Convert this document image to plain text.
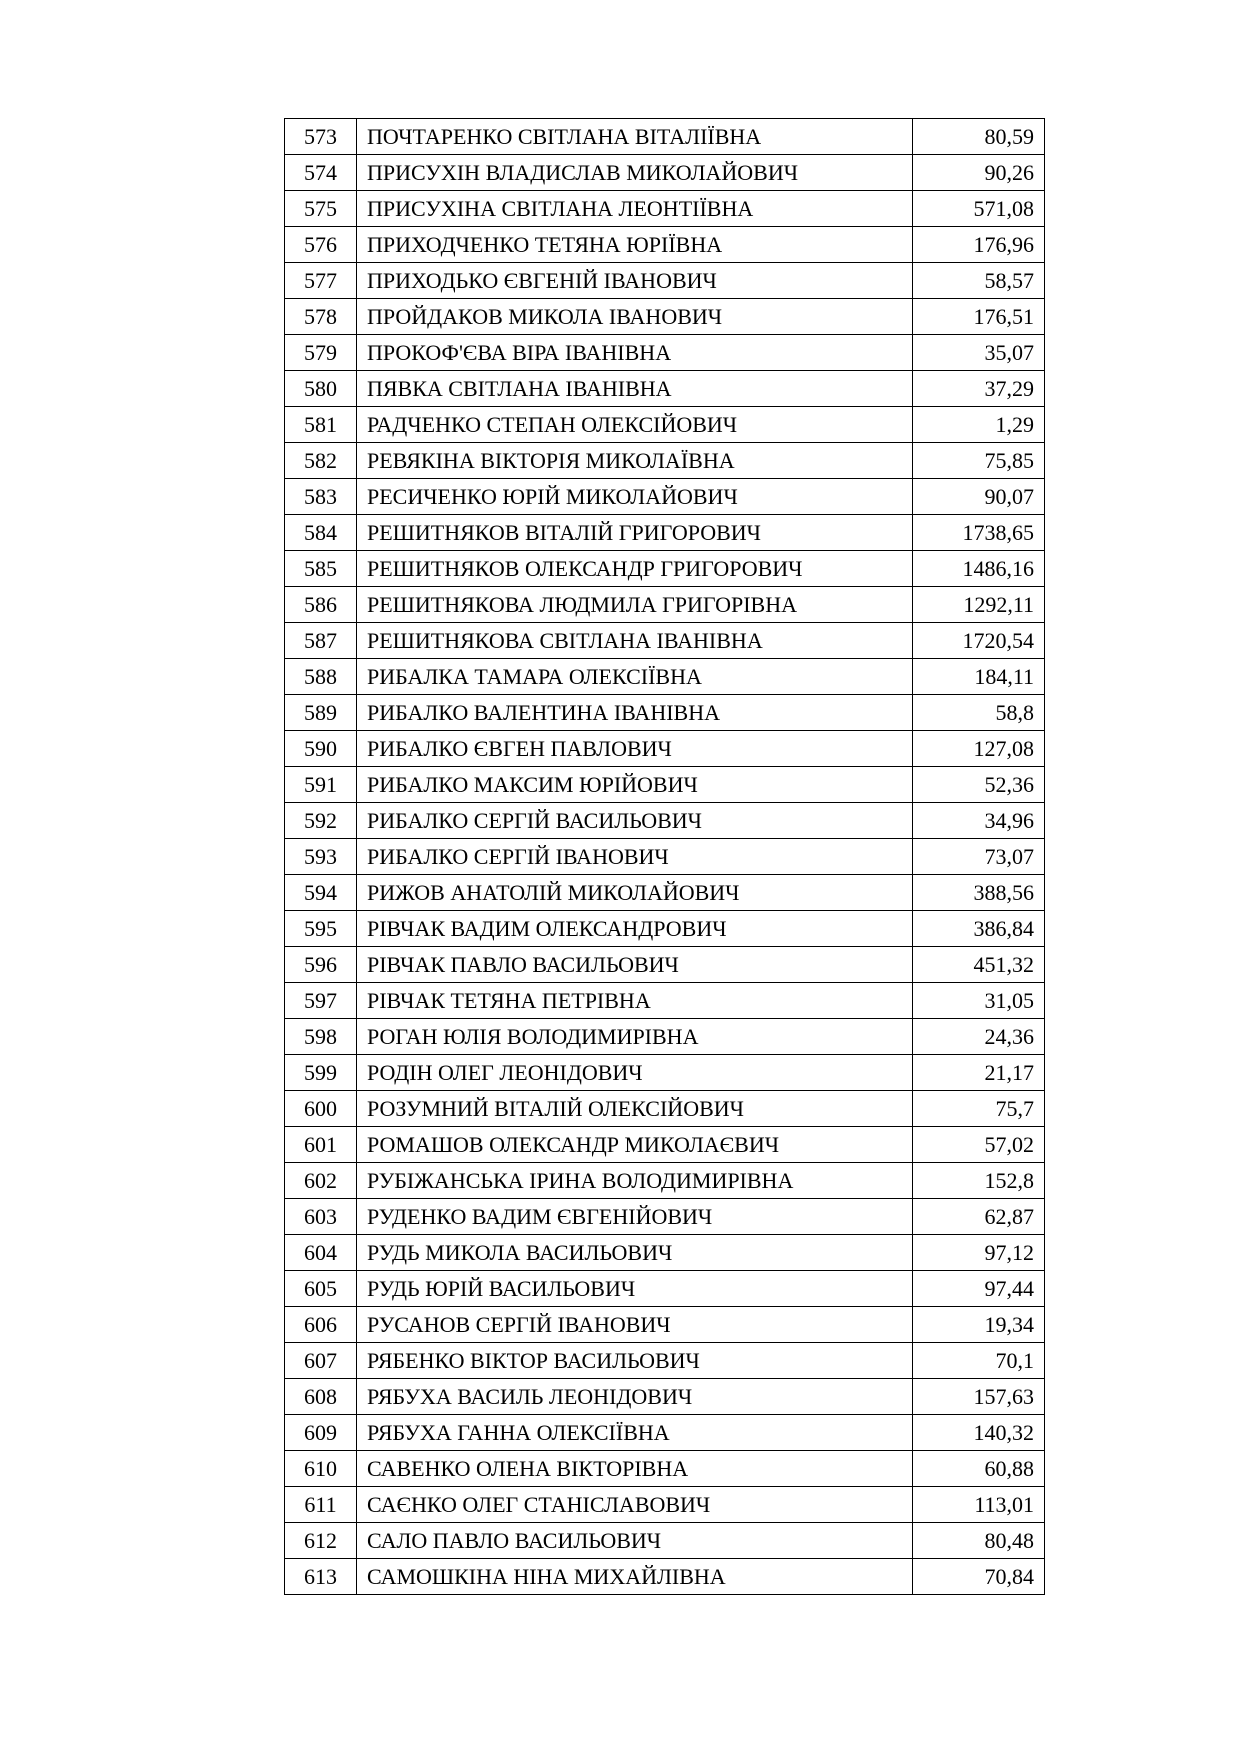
573	ПОЧТАРЕНКО СВІТЛАНА ВІТАЛІЇВНА	80,59
574	ПРИСУХІН ВЛАДИСЛАВ МИКОЛАЙОВИЧ	90,26
575	ПРИСУХІНА СВІТЛАНА ЛЕОНТІЇВНА	571,08
576	ПРИХОДЧЕНКО ТЕТЯНА ЮРІЇВНА	176,96
577	ПРИХОДЬКО ЄВГЕНІЙ ІВАНОВИЧ	58,57
578	ПРОЙДАКОВ МИКОЛА ІВАНОВИЧ	176,51
579	ПРОКОФ'ЄВА ВІРА ІВАНІВНА	35,07
580	ПЯВКА СВІТЛАНА ІВАНІВНА	37,29
581	РАДЧЕНКО СТЕПАН ОЛЕКСІЙОВИЧ	1,29
582	РЕВЯКІНА ВІКТОРІЯ МИКОЛАЇВНА	75,85
583	РЕСИЧЕНКО ЮРІЙ МИКОЛАЙОВИЧ	90,07
584	РЕШИТНЯКОВ ВІТАЛІЙ ГРИГОРОВИЧ	1738,65
585	РЕШИТНЯКОВ ОЛЕКСАНДР ГРИГОРОВИЧ	1486,16
586	РЕШИТНЯКОВА ЛЮДМИЛА ГРИГОРІВНА	1292,11
587	РЕШИТНЯКОВА СВІТЛАНА ІВАНІВНА	1720,54
588	РИБАЛКА ТАМАРА ОЛЕКСІЇВНА	184,11
589	РИБАЛКО ВАЛЕНТИНА ІВАНІВНА	58,8
590	РИБАЛКО ЄВГЕН ПАВЛОВИЧ	127,08
591	РИБАЛКО МАКСИМ ЮРІЙОВИЧ	52,36
592	РИБАЛКО СЕРГІЙ ВАСИЛЬОВИЧ	34,96
593	РИБАЛКО СЕРГІЙ ІВАНОВИЧ	73,07
594	РИЖОВ АНАТОЛІЙ МИКОЛАЙОВИЧ	388,56
595	РІВЧАК ВАДИМ ОЛЕКСАНДРОВИЧ	386,84
596	РІВЧАК ПАВЛО ВАСИЛЬОВИЧ	451,32
597	РІВЧАК ТЕТЯНА ПЕТРІВНА	31,05
598	РОГАН ЮЛІЯ ВОЛОДИМИРІВНА	24,36
599	РОДІН ОЛЕГ ЛЕОНІДОВИЧ	21,17
600	РОЗУМНИЙ ВІТАЛІЙ ОЛЕКСІЙОВИЧ	75,7
601	РОМАШОВ ОЛЕКСАНДР МИКОЛАЄВИЧ	57,02
602	РУБІЖАНСЬКА ІРИНА ВОЛОДИМИРІВНА	152,8
603	РУДЕНКО ВАДИМ ЄВГЕНІЙОВИЧ	62,87
604	РУДЬ МИКОЛА ВАСИЛЬОВИЧ	97,12
605	РУДЬ ЮРІЙ ВАСИЛЬОВИЧ	97,44
606	РУСАНОВ СЕРГІЙ ІВАНОВИЧ	19,34
607	РЯБЕНКО ВІКТОР ВАСИЛЬОВИЧ	70,1
608	РЯБУХА ВАСИЛЬ ЛЕОНІДОВИЧ	157,63
609	РЯБУХА ГАННА ОЛЕКСІЇВНА	140,32
610	САВЕНКО ОЛЕНА ВІКТОРІВНА	60,88
611	САЄНКО ОЛЕГ СТАНІСЛАВОВИЧ	113,01
612	САЛО ПАВЛО ВАСИЛЬОВИЧ	80,48
613	САМОШКІНА НІНА МИХАЙЛІВНА	70,84
